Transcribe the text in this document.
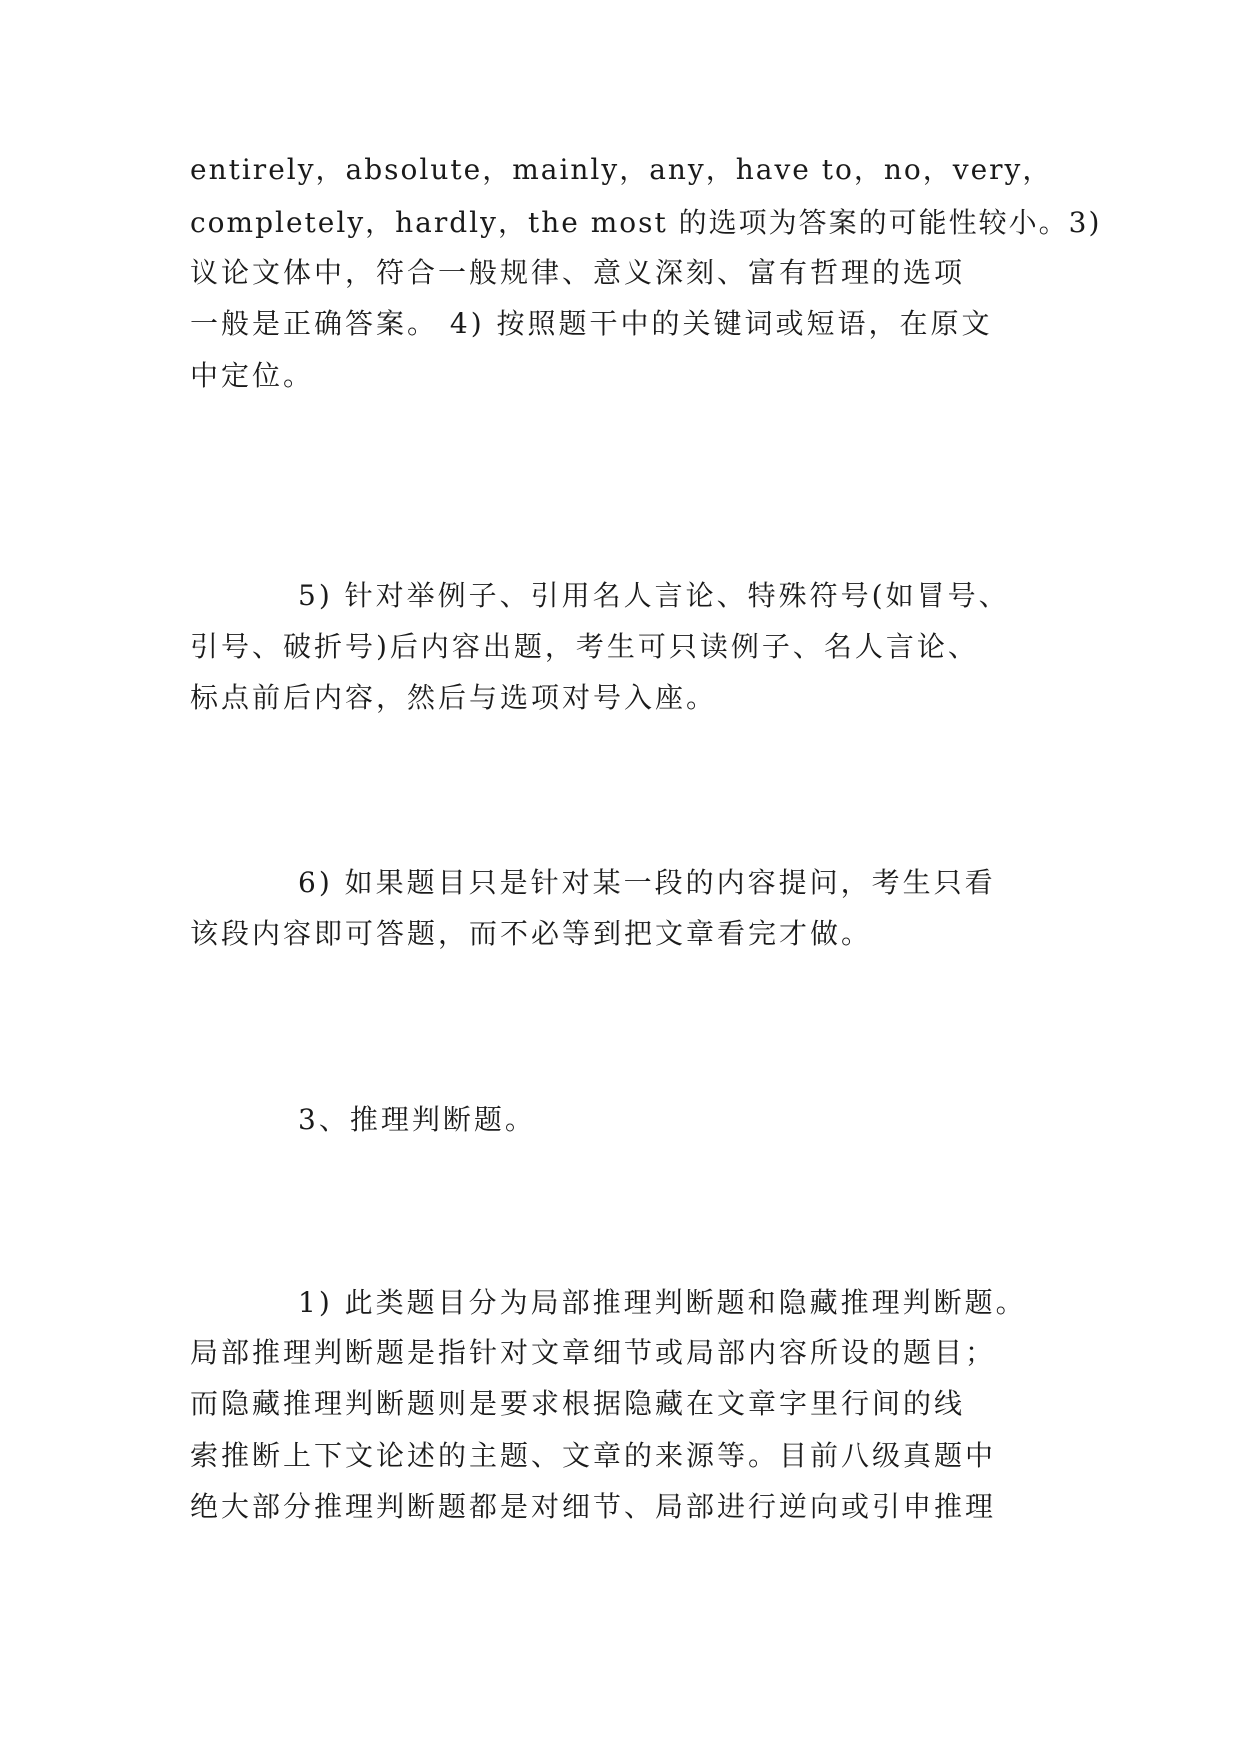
entirely，absolute，mainly，any，have to，no，very，
completely，hardly，the most 的选项为答案的可能性较小。3)
议论文体中，符合一般规律、意义深刻、富有哲理的选项
一般是正确答案。 4) 按照题干中的关键词或短语，在原文
中定位。
5) 针对举例子、引用名人言论、特殊符号(如冒号、
引号、破折号)后内容出题，考生可只读例子、名人言论、
标点前后内容，然后与选项对号入座。
6) 如果题目只是针对某一段的内容提问，考生只看
该段内容即可答题，而不必等到把文章看完才做。
3、推理判断题。
1) 此类题目分为局部推理判断题和隐藏推理判断题。
局部推理判断题是指针对文章细节或局部内容所设的题目；
而隐藏推理判断题则是要求根据隐藏在文章字里行间的线
索推断上下文论述的主题、文章的来源等。目前八级真题中
绝大部分推理判断题都是对细节、局部进行逆向或引申推理
